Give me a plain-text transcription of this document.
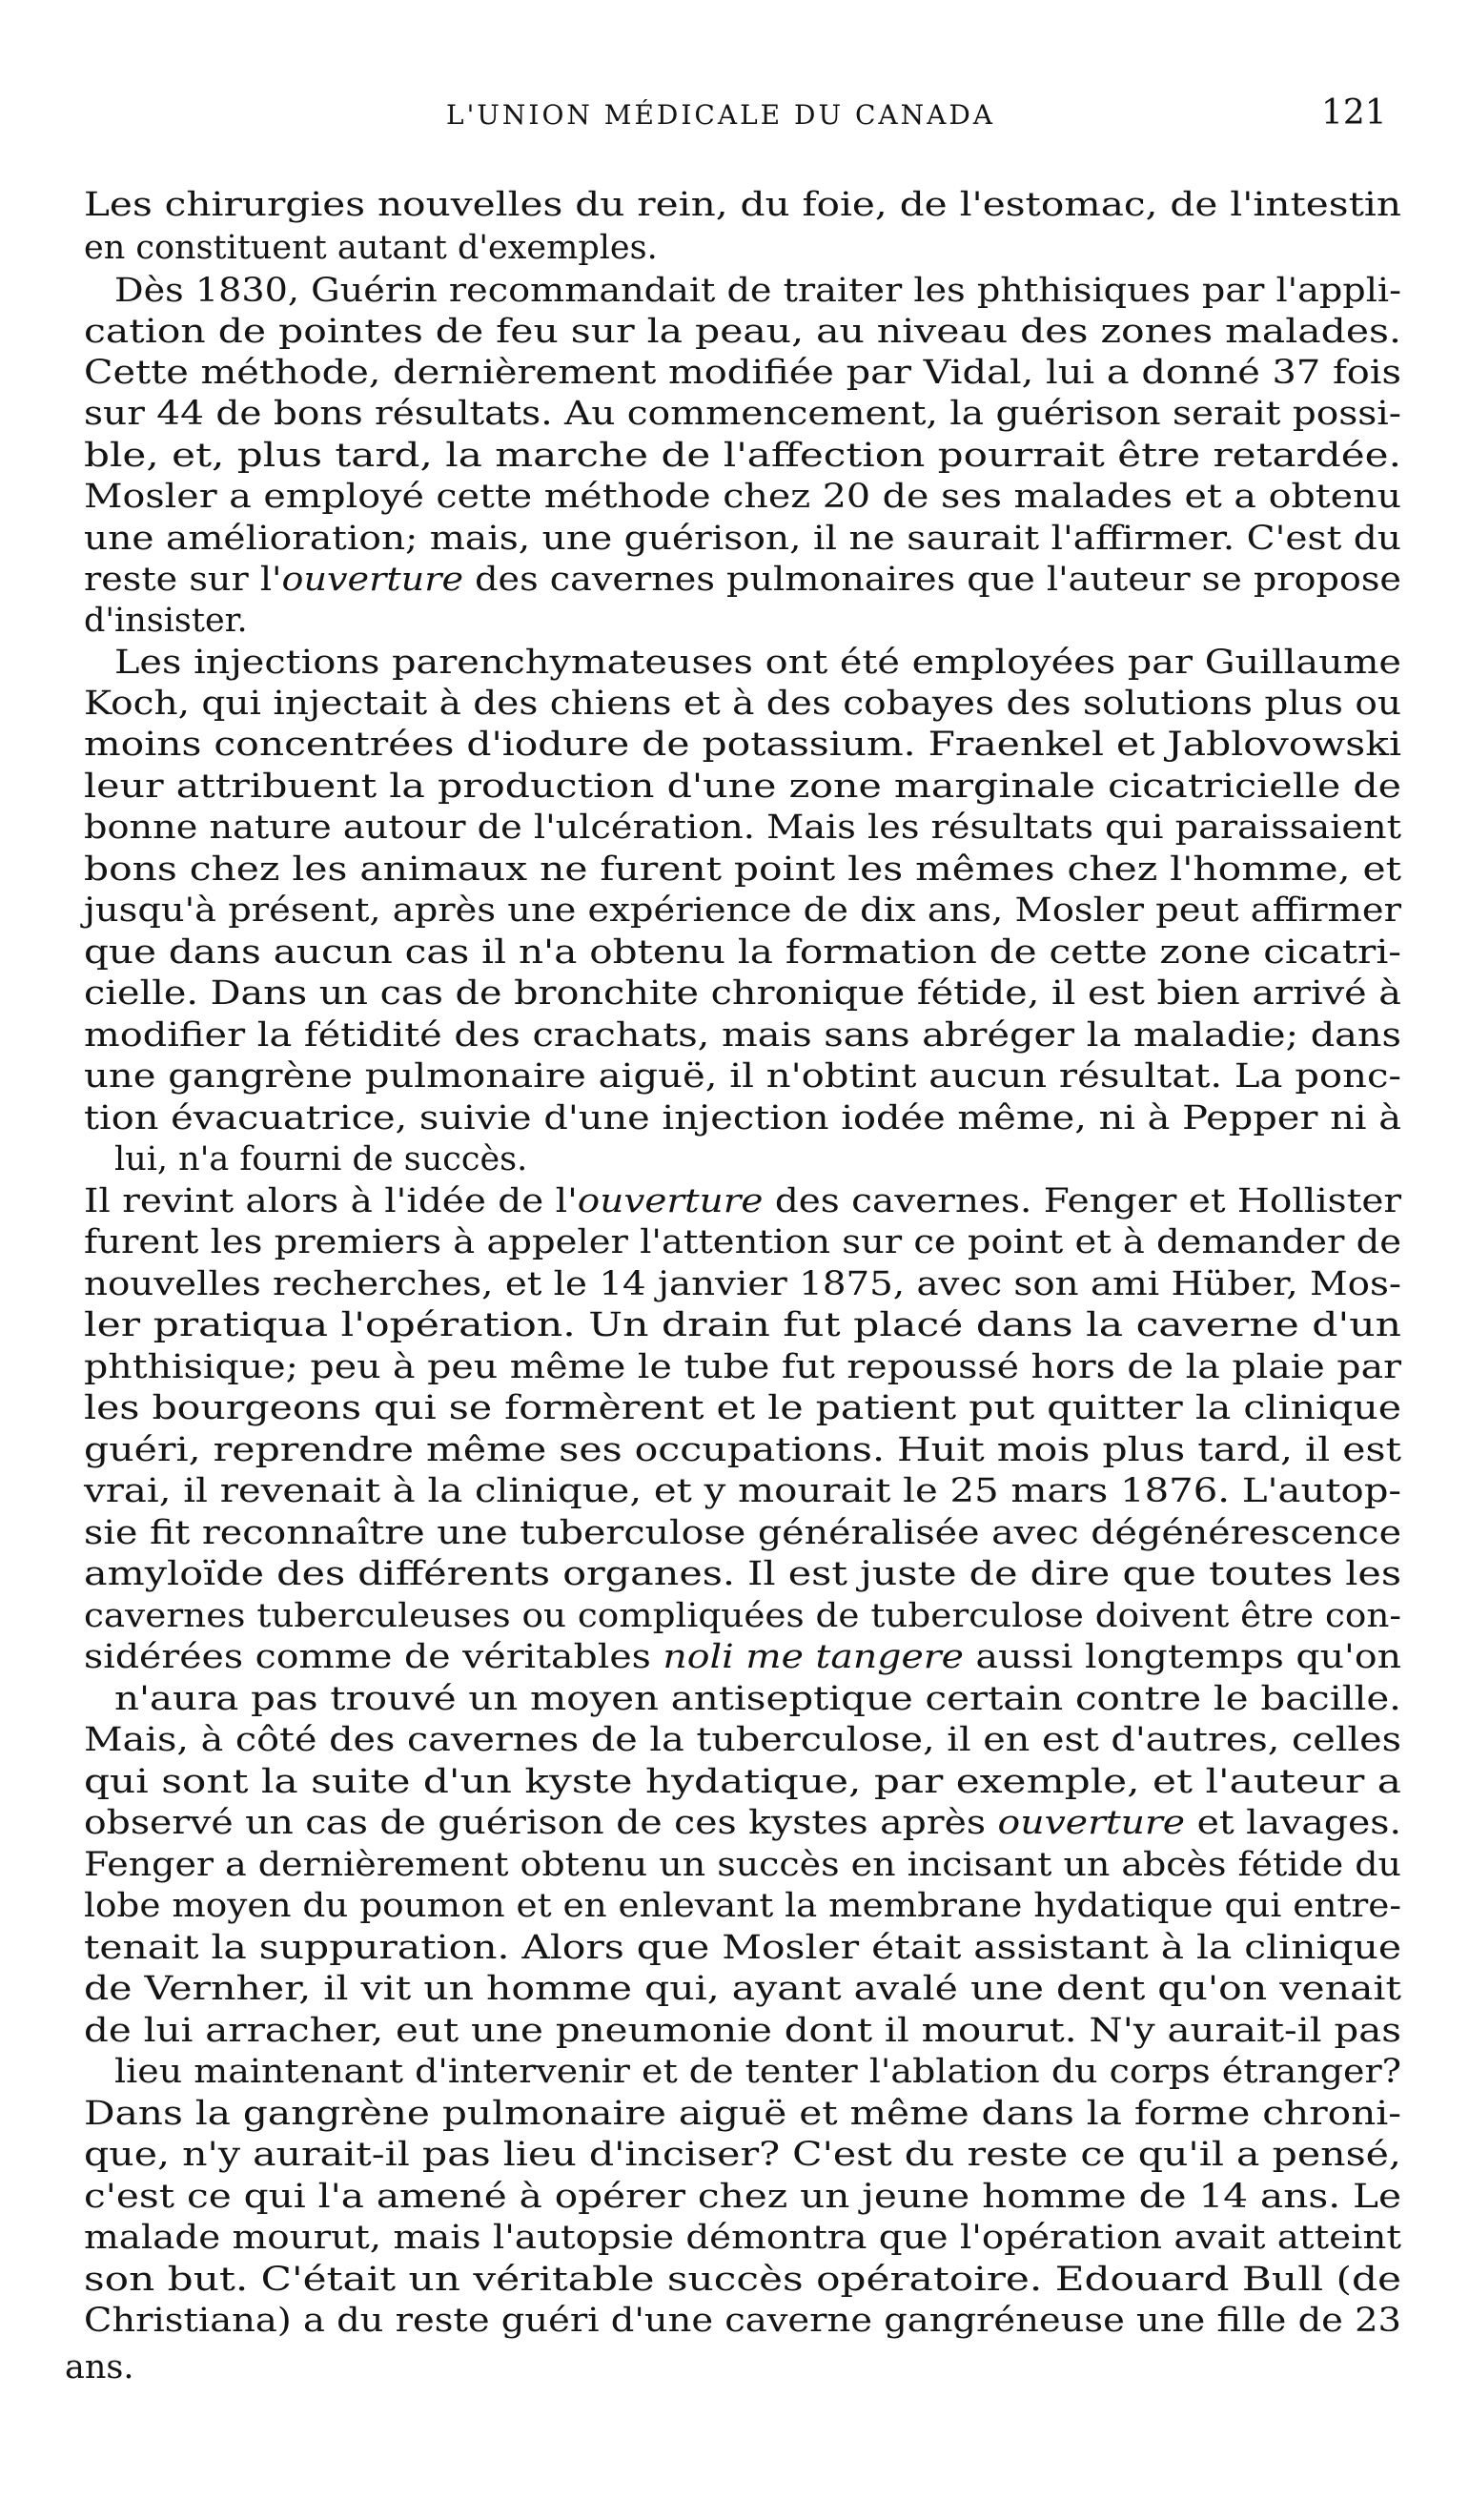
L'UNION MÉDICALE DU CANADA	121
Les chirurgies nouvelles du rein, du foie, de l'estomac, de l'intestin
en constituent autant d'exemples.
Dès 1830, Guérin recommandait de traiter les phthisiques par l'appli-
cation de pointes de feu sur la peau, au niveau des zones malades.
Cette méthode, dernièrement modifiée par Vidal, lui a donné 37 fois
sur 44 de bons résultats. Au commencement, la guérison serait possi-
ble, et, plus tard, la marche de l'affection pourrait être retardée.
Mosler a employé cette méthode chez 20 de ses malades et a obtenu
une amélioration; mais, une guérison, il ne saurait l'affirmer. C'est du
reste sur l'ouverture des cavernes pulmonaires que l'auteur se propose
d'insister.
Les injections parenchymateuses ont été employées par Guillaume
Koch, qui injectait à des chiens et à des cobayes des solutions plus ou
moins concentrées d'iodure de potassium. Fraenkel et Jablovowski
leur attribuent la production d'une zone marginale cicatricielle de
bonne nature autour de l'ulcération. Mais les résultats qui paraissaient
bons chez les animaux ne furent point les mêmes chez l'homme, et
jusqu'à présent, après une expérience de dix ans, Mosler peut affirmer
que dans aucun cas il n'a obtenu la formation de cette zone cicatri-
cielle. Dans un cas de bronchite chronique fétide, il est bien arrivé à
modifier la fétidité des crachats, mais sans abréger la maladie; dans
une gangrène pulmonaire aiguë, il n'obtint aucun résultat. La ponc-
tion évacuatrice, suivie d'une injection iodée même, ni à Pepper ni à
lui, n'a fourni de succès.
Il revint alors à l'idée de l'ouverture des cavernes. Fenger et Hollister
furent les premiers à appeler l'attention sur ce point et à demander de
nouvelles recherches, et le 14 janvier 1875, avec son ami Hüber, Mos-
ler pratiqua l'opération. Un drain fut placé dans la caverne d'un
phthisique; peu à peu même le tube fut repoussé hors de la plaie par
les bourgeons qui se formèrent et le patient put quitter la clinique
guéri, reprendre même ses occupations. Huit mois plus tard, il est
vrai, il revenait à la clinique, et y mourait le 25 mars 1876. L'autop-
sie fit reconnaître une tuberculose généralisée avec dégénérescence
amyloïde des différents organes. Il est juste de dire que toutes les
cavernes tuberculeuses ou compliquées de tuberculose doivent être con-
sidérées comme de véritables noli me tangere aussi longtemps qu'on
n'aura pas trouvé un moyen antiseptique certain contre le bacille.
Mais, à côté des cavernes de la tuberculose, il en est d'autres, celles
qui sont la suite d'un kyste hydatique, par exemple, et l'auteur a
observé un cas de guérison de ces kystes après ouverture et lavages.
Fenger a dernièrement obtenu un succès en incisant un abcès fétide du
lobe moyen du poumon et en enlevant la membrane hydatique qui entre-
tenait la suppuration. Alors que Mosler était assistant à la clinique
de Vernher, il vit un homme qui, ayant avalé une dent qu'on venait
de lui arracher, eut une pneumonie dont il mourut. N'y aurait-il pas
lieu maintenant d'intervenir et de tenter l'ablation du corps étranger?
Dans la gangrène pulmonaire aiguë et même dans la forme chroni-
que, n'y aurait-il pas lieu d'inciser? C'est du reste ce qu'il a pensé,
c'est ce qui l'a amené à opérer chez un jeune homme de 14 ans. Le
malade mourut, mais l'autopsie démontra que l'opération avait atteint
son but. C'était un véritable succès opératoire. Edouard Bull (de
Christiana) a du reste guéri d'une caverne gangréneuse une fille de 23
ans.
